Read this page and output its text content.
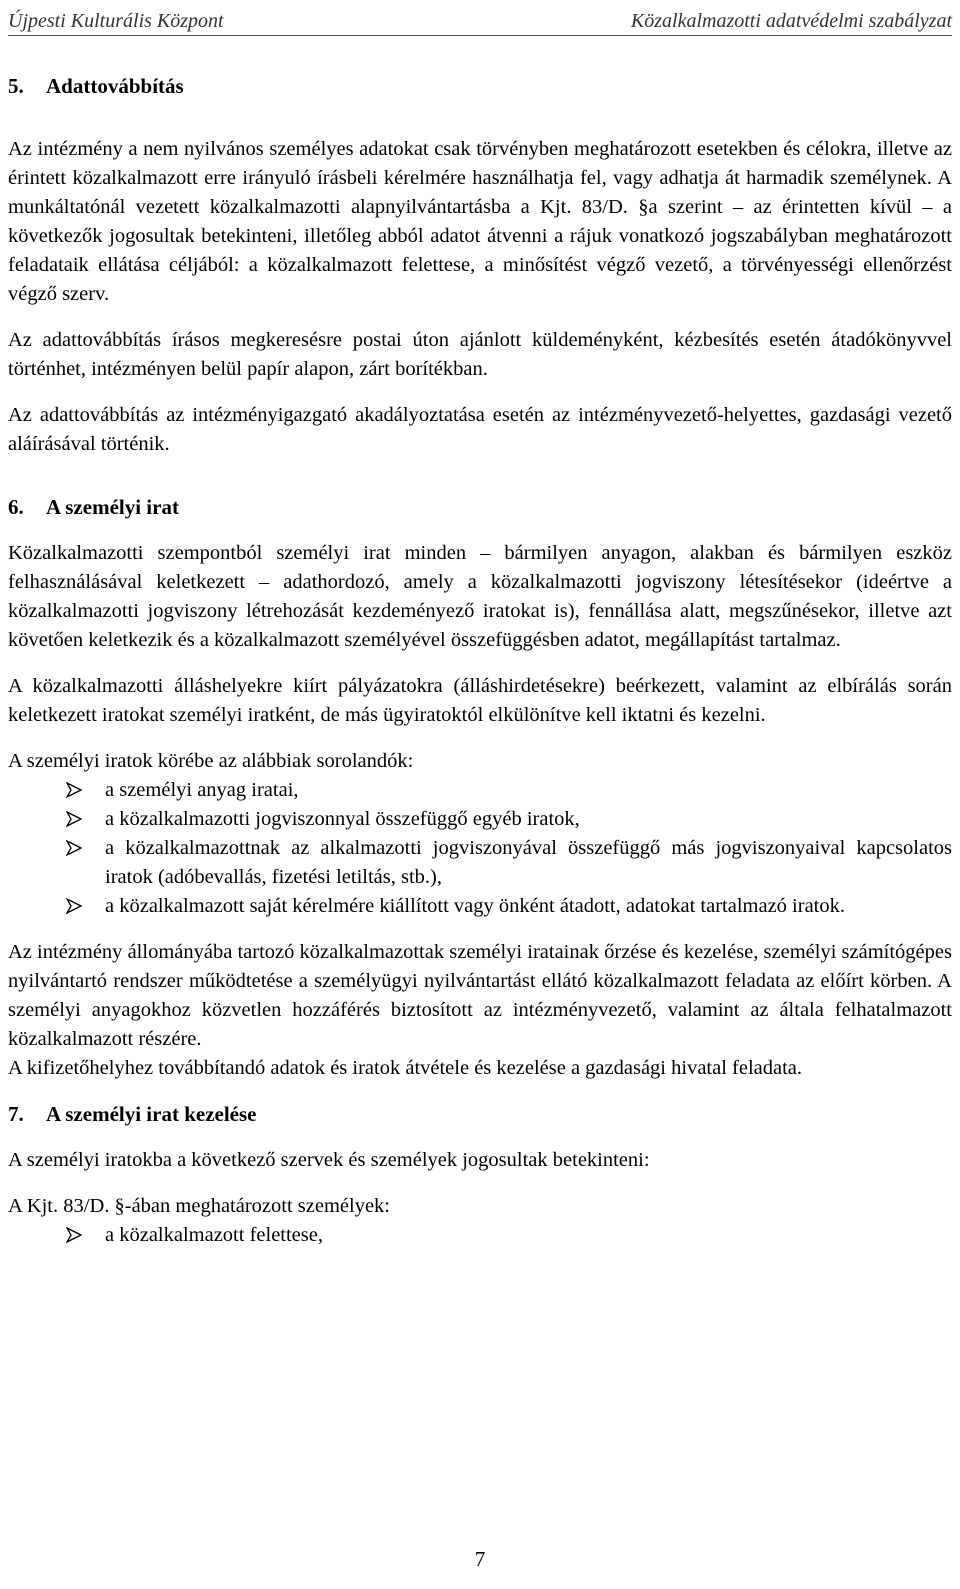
Újpesti Kulturális Központ	Közalkalmazotti adatvédelmi szabályzat
5. Adattovábbítás

Az intézmény a nem nyilvános személyes adatokat csak törvényben meghatározott esetekben és célokra, illetve az érintett közalkalmazott erre irányuló írásbeli kérelmére használhatja fel, vagy adhatja át harmadik személynek. A munkáltatónál vezetett közalkalmazotti alapnyilvántartásba a Kjt. 83/D. §a szerint – az érintetten kívül – a következők jogosultak betekinteni, illetőleg abból adatot átvenni a rájuk vonatkozó jogszabályban meghatározott feladataik ellátása céljából: a közalkalmazott felettese, a minősítést végző vezető, a törvényességi ellenőrzést végző szerv.

Az adattovábbítás írásos megkeresésre postai úton ajánlott küldeményként, kézbesítés esetén átadókönyvvel történhet, intézményen belül papír alapon, zárt borítékban.

Az adattovábbítás az intézményigazgató akadályoztatása esetén az intézményvezető-helyettes, gazdasági vezető aláírásával történik.

6. A személyi irat

Közalkalmazotti szempontból személyi irat minden – bármilyen anyagon, alakban és bármilyen eszköz felhasználásával keletkezett – adathordozó, amely a közalkalmazotti jogviszony létesítésekor (ideértve a közalkalmazotti jogviszony létrehozását kezdeményező iratokat is), fennállása alatt, megszűnésekor, illetve azt követően keletkezik és a közalkalmazott személyével összefüggésben adatot, megállapítást tartalmaz.

A közalkalmazotti álláshelyekre kiírt pályázatokra (álláshirdetésekre) beérkezett, valamint az elbírálás során keletkezett iratokat személyi iratként, de más ügyiratoktól elkülönítve kell iktatni és kezelni.

A személyi iratok körébe az alábbiak sorolandók:

a személyi anyag iratai,
a közalkalmazotti jogviszonnyal összefüggő egyéb iratok,
a közalkalmazottnak az alkalmazotti jogviszonyával összefüggő más jogviszonyaival kapcsolatos iratok (adóbevallás, fizetési letiltás, stb.),
a közalkalmazott saját kérelmére kiállított vagy önként átadott, adatokat tartalmazó iratok.

Az intézmény állományába tartozó közalkalmazottak személyi iratainak őrzése és kezelése, személyi számítógépes nyilvántartó rendszer működtetése a személyügyi nyilvántartást ellátó közalkalmazott feladata az előírt körben. A személyi anyagokhoz közvetlen hozzáférés biztosított az intézményvezető, valamint az általa felhatalmazott közalkalmazott részére.

A kifizetőhelyhez továbbítandó adatok és iratok átvétele és kezelése a gazdasági hivatal feladata.

7. A személyi irat kezelése

A személyi iratokba a következő szervek és személyek jogosultak betekinteni:

A Kjt. 83/D. §-ában meghatározott személyek:

a közalkalmazott felettese,
7
